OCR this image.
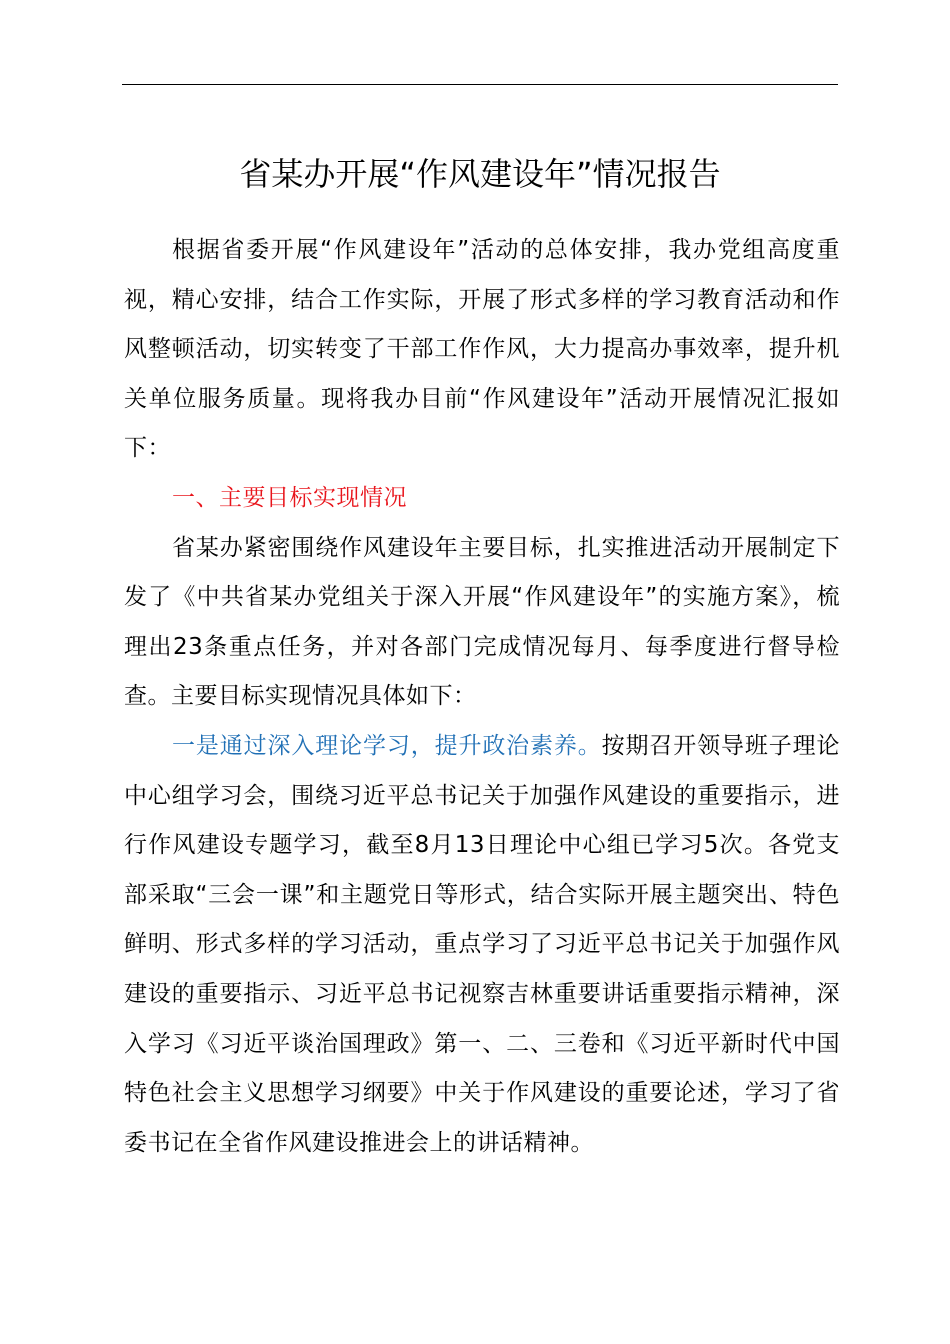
省某办开展“作风建设年”情况报告

根据省委开展“作风建设年”活动的总体安排，我办党组高度重视，精心安排，结合工作实际，开展了形式多样的学习教育活动和作风整顿活动，切实转变了干部工作作风，大力提高办事效率，提升机关单位服务质量。现将我办目前“作风建设年”活动开展情况汇报如下：

一、主要目标实现情况

省某办紧密围绕作风建设年主要目标，扎实推进活动开展制定下发了《中共省某办党组关于深入开展“作风建设年”的实施方案》，梳理出23条重点任务，并对各部门完成情况每月、每季度进行督导检查。主要目标实现情况具体如下：

一是通过深入理论学习，提升政治素养。按期召开领导班子理论中心组学习会，围绕习近平总书记关于加强作风建设的重要指示，进行作风建设专题学习，截至8月13日理论中心组已学习5次。各党支部采取“三会一课”和主题党日等形式，结合实际开展主题突出、特色鲜明、形式多样的学习活动，重点学习了习近平总书记关于加强作风建设的重要指示、习近平总书记视察吉林重要讲话重要指示精神，深入学习《习近平谈治国理政》第一、二、三卷和《习近平新时代中国特色社会主义思想学习纲要》中关于作风建设的重要论述，学习了省委书记在全省作风建设推进会上的讲话精神。
